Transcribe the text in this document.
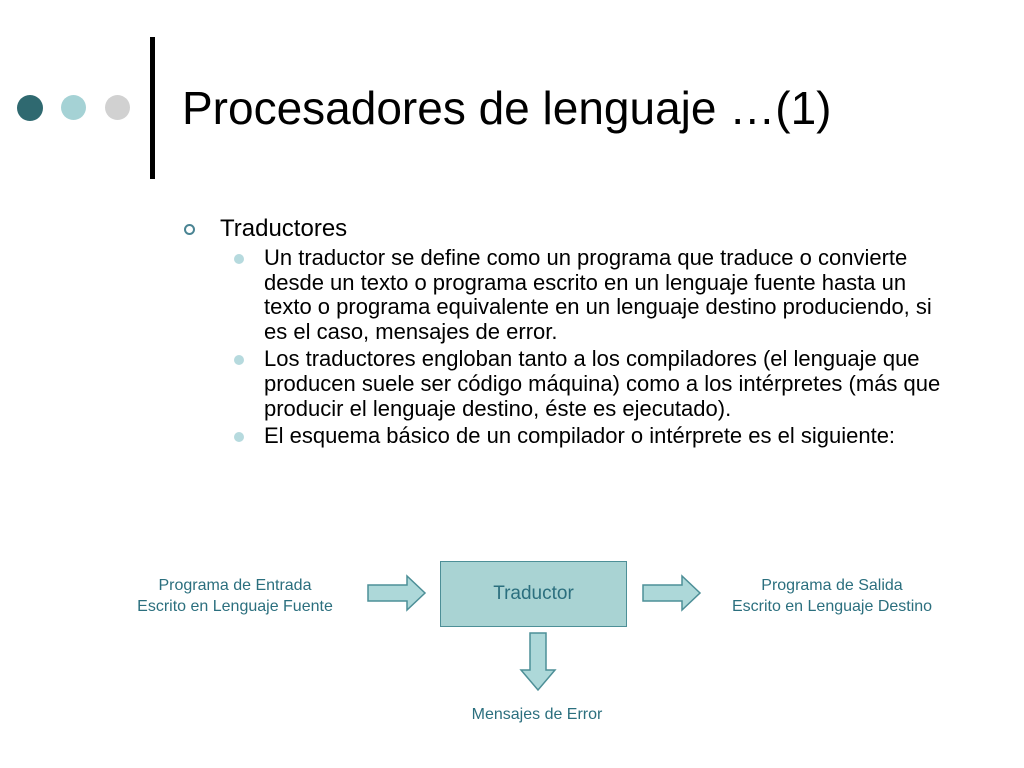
Procesadores de lenguaje …(1)
Traductores
Un traductor se define como un programa que traduce o convierte desde un texto o programa escrito en un lenguaje fuente hasta un texto o programa equivalente en un lenguaje destino produciendo, si es el caso, mensajes de error.
Los traductores engloban tanto a los compiladores (el lenguaje que producen suele ser código máquina) como a los intérpretes (más que producir el lenguaje destino, éste es ejecutado).
El esquema básico de un compilador o intérprete es el siguiente:
Programa de Entrada
Escrito en Lenguaje Fuente
Traductor	Programa de Salida
Escrito en Lenguaje Destino
Mensajes de Error
